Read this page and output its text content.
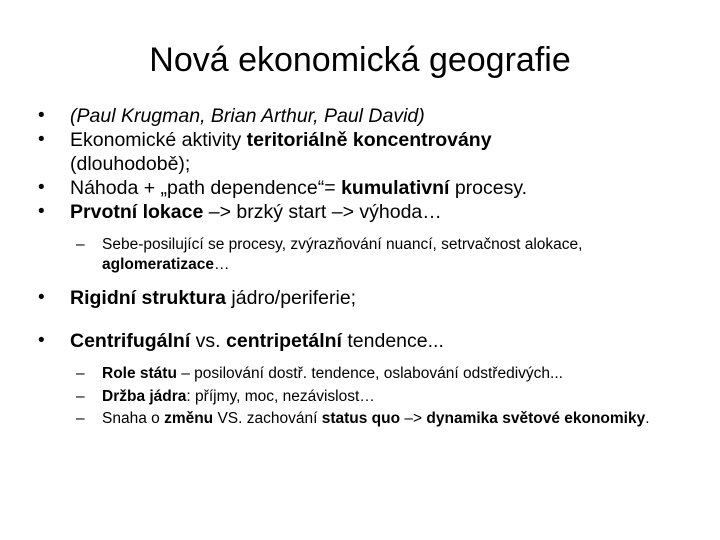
Nová ekonomická geografie

• (Paul Krugman, Brian Arthur, Paul David)

• Ekonomické aktivity teritoriálně koncentrovány
(dlouhodobě);

• Náhoda + „path dependence“= kumulativní procesy.

• Prvotní lokace –> brzký start –> výhoda…

– Sebe-posilující se procesy, zvýrazňování nuancí, setrvačnost alokace,
aglomeratizace…

• Rigidní struktura jádro/periferie;

• Centrifugální vs. centripetální tendence...

– Role státu – posilování dostř. tendence, oslabování odstředivých...

– Držba jádra: příjmy, moc, nezávislost…

– Snaha o změnu VS. zachování status quo –> dynamika světové ekonomiky.
